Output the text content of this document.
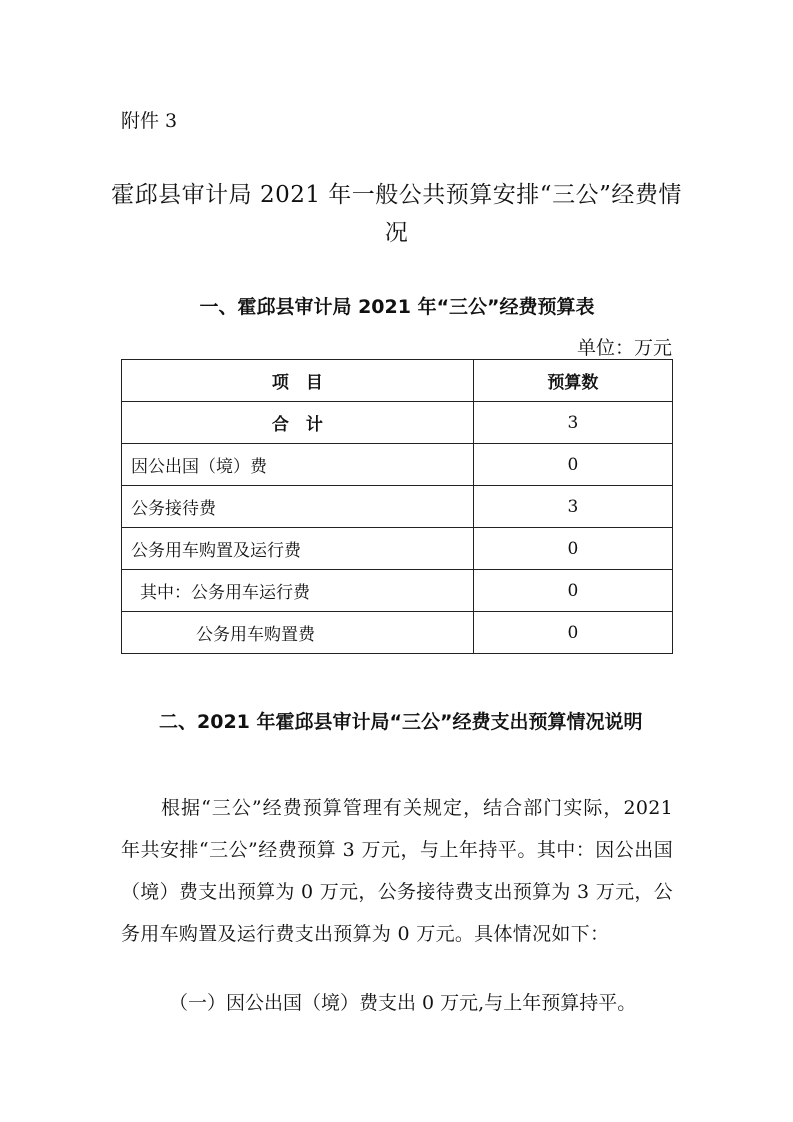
附件 3
霍邱县审计局 2021 年一般公共预算安排“三公”经费情况
一、霍邱县审计局 2021 年“三公”经费预算表
单位：万元
项　目	预算数
合　计	3
因公出国（境）费	0
公务接待费	3
公务用车购置及运行费	0
其中：公务用车运行费	0
公务用车购置费	0
二、2021 年霍邱县审计局“三公”经费支出预算情况说明
根据“三公”经费预算管理有关规定，结合部门实际，2021 年共安排“三公”经费预算 3 万元，与上年持平。其中：因公出国（境）费支出预算为 0 万元，公务接待费支出预算为 3 万元，公务用车购置及运行费支出预算为 0 万元。具体情况如下：
（一）因公出国（境）费支出 0 万元,与上年预算持平。
